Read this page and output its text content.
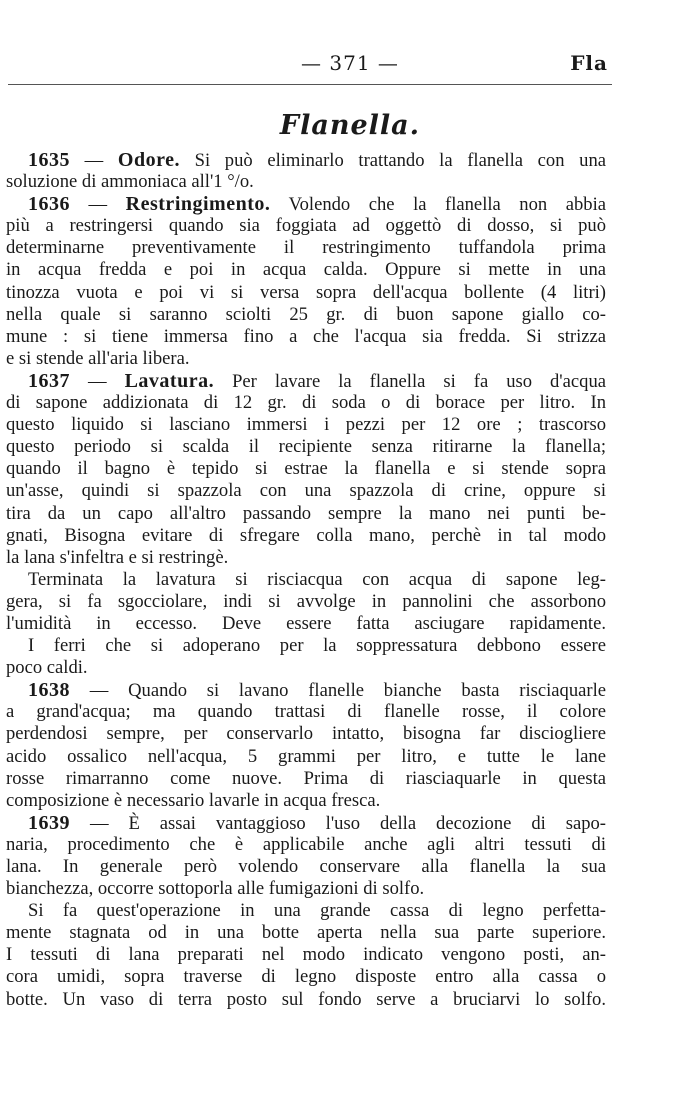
— 371 —	Fla
Flanella.
1635 — Odore. Si può eliminarlo trattando la flanella con una
soluzione di ammoniaca all'1 °/o.
1636 — Restringimento. Volendo che la flanella non abbia
più a restringersi quando sia foggiata ad oggettò di dosso, si può
determinarne preventivamente il restringimento tuffandola prima
in acqua fredda e poi in acqua calda. Oppure si mette in una
tinozza vuota e poi vi si versa sopra dell'acqua bollente (4 litri)
nella quale si saranno sciolti 25 gr. di buon sapone giallo co-
mune : si tiene immersa fino a che l'acqua sia fredda. Si strizza
e si stende all'aria libera.
1637 — Lavatura. Per lavare la flanella si fa uso d'acqua
di sapone addizionata di 12 gr. di soda o di borace per litro. In
questo liquido si lasciano immersi i pezzi per 12 ore ; trascorso
questo periodo si scalda il recipiente senza ritirarne la flanella;
quando il bagno è tepido si estrae la flanella e si stende sopra
un'asse, quindi si spazzola con una spazzola di crine, oppure si
tira da un capo all'altro passando sempre la mano nei punti be-
gnati, Bisogna evitare di sfregare colla mano, perchè in tal modo
la lana s'infeltra e si restringè.
Terminata la lavatura si risciacqua con acqua di sapone leg-
gera, si fa sgocciolare, indi si avvolge in pannolini che assorbono
l'umidità in eccesso. Deve essere fatta asciugare rapidamente.
I ferri che si adoperano per la soppressatura debbono essere
poco caldi.
1638 — Quando si lavano flanelle bianche basta risciaquarle
a grand'acqua; ma quando trattasi di flanelle rosse, il colore
perdendosi sempre, per conservarlo intatto, bisogna far disciogliere
acido ossalico nell'acqua, 5 grammi per litro, e tutte le lane
rosse rimarranno come nuove. Prima di riasciaquarle in questa
composizione è necessario lavarle in acqua fresca.
1639 — È assai vantaggioso l'uso della decozione di sapo-
naria, procedimento che è applicabile anche agli altri tessuti di
lana. In generale però volendo conservare alla flanella la sua
bianchezza, occorre sottoporla alle fumigazioni di solfo.
Si fa quest'operazione in una grande cassa di legno perfetta-
mente stagnata od in una botte aperta nella sua parte superiore.
I tessuti di lana preparati nel modo indicato vengono posti, an-
cora umidi, sopra traverse di legno disposte entro alla cassa o
botte. Un vaso di terra posto sul fondo serve a bruciarvi lo solfo.
